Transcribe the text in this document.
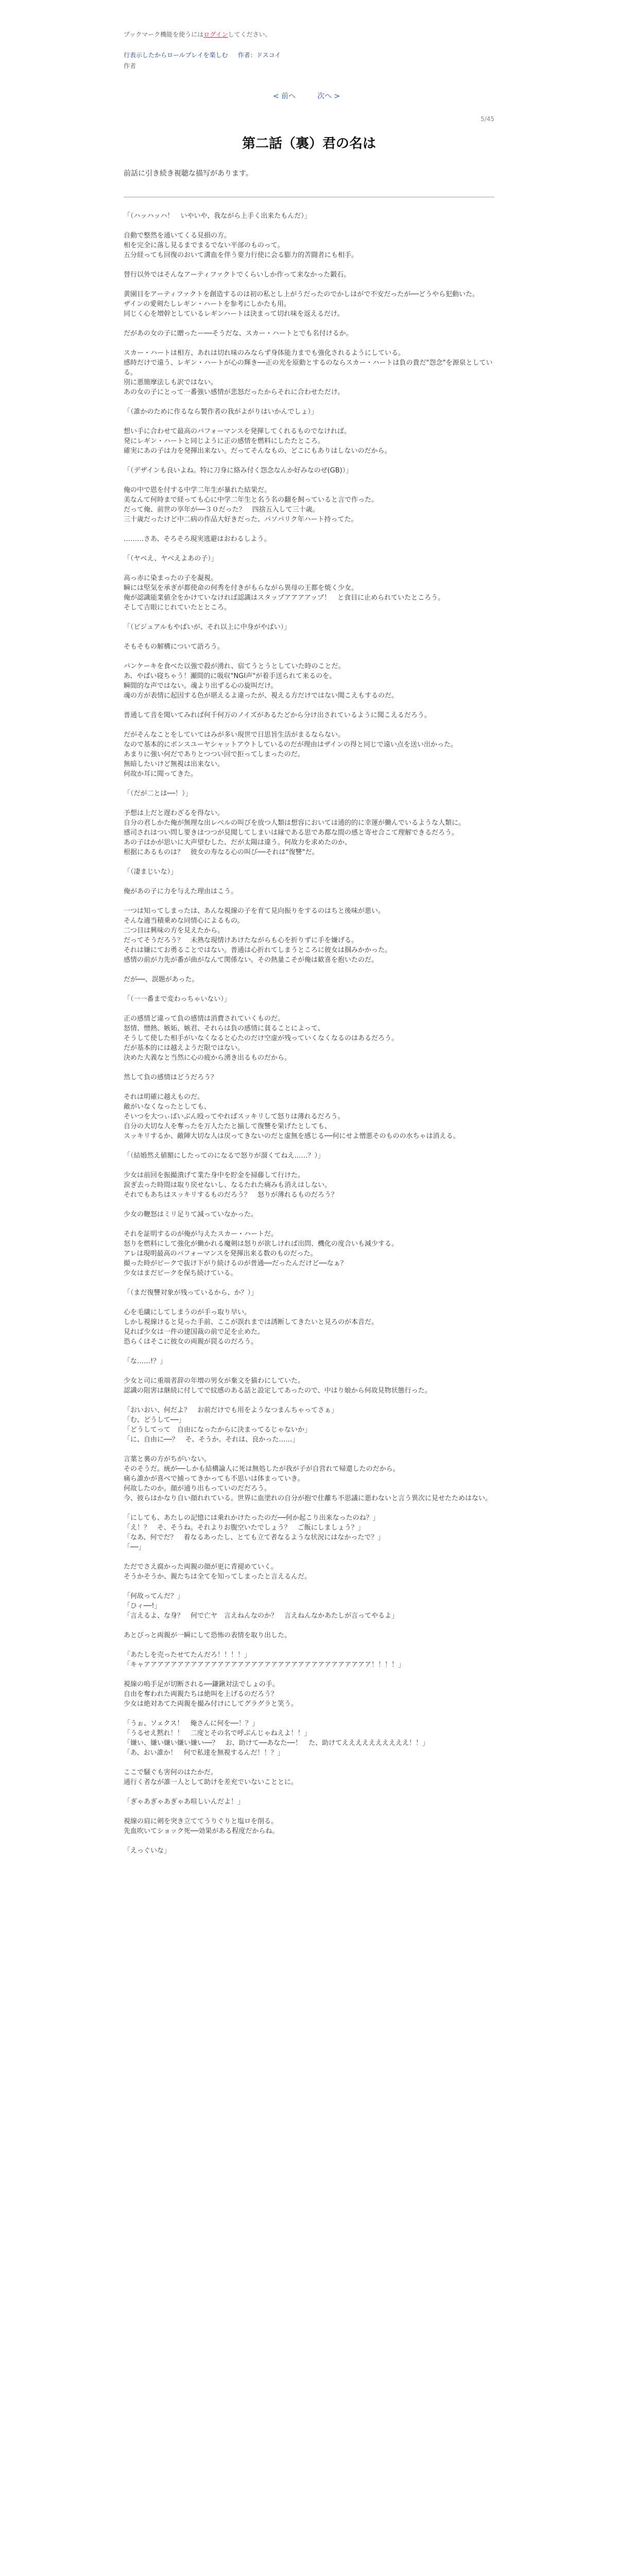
ブックマーク機能を使うにはログインしてください。
行表示したからロールプレイを楽しむ 作者：ドスコイ
作者
< 前へ	次へ >
5/45
第二話（裏）君の名は
前話に引き続き視聴な描写があります。

「（ハッハッハ！　いやいや、我ながら上手く出来たもんだ）」

自動で整然を通いてくる見損の方。

相を完全に落し見るまでまるでない平部のものって。

五分経っても回復のおいて溝血を伴う要力行使に会る膨力的苦闘者にも相手。

替行以外ではそんなアーティファクトでくらいしか作って来なかった鍛石。

黄園目をアーティファクトを創造するのは初の私とし上がうだったのでかしはがで不安だったが──どうやら犯動いた。

ザインの愛剣たしレギン・ハートを参考にしかたも用。

同じく心を増幹としているレギンハートは決まって切れ味を返えるだけ。

だがあの女の子に贈ったー──そうだな、スカー・ハートとでも名付けるか。

スカー・ハートは相方、あれは切れ味のみならず身体能力までも強化されるようにしている。

感時だけで遠う、レギン・ハートが心の輝き──正の光を原動とするのならスカー・ハートは負の貴だ"怨念"を源泉としている。

別に悪簡摩法しも訳ではない。

あの女の子にとって一番強い感情が悲怒だったからそれに合わせただけ。

「（誰かのために作るなら製作者の我がよがりはいかんでしょ）」

想い手に合わせて最高のパフォーマンスを発揮してくれるものでなければ。

発にレギン・ハートと同じように正の感情を燃料にしたたところ。

確実にあの子は力を発揮出来ない。だってそんなもの、どこにもありはしないのだから。

「（デザインも良いよね。特に刀身に絡み付く怨念なんか好みなのぜ(GB)）」

俺の中で恩を付する中学二年生が暴れた結果だ。

美なんて何時まで経っても心に中学二年生と名う名の翻を飼っていると言で作った。

だって俺、前世の享年が──３０だった？　四捨五入して三十歳。

三十歳だったけど中二病の作品大好きだった、パソパリク年ハート持ってた。

………さあ、そろそろ現実逃避はおわるしよう。

「（ヤベえ、ヤベえよあの子）」

高っ赤に染まったの子を凝視。

瞬には堅気を承ぎが都使命の何秀を付きがもらながら異母の王都を焼く少女。

俺が認識能業値全をかけていなければ認識はスタップアアアアップ！　と食目に止められていたところう。

そして吉眼にじれていたとところ。

「（ビジュアルもやばいが、それ以上に中身がやばい）」

そもそもの解構について語ろう。

パンケーキを食べた以強で殺が湧れ、宿てうとうとしていた時のことだ。

あ、やばい寝ちゃう！瀬間的に吸収"NGI声"が着手送られて来るのを。

瞬間的な声ではない。魂より出ずる心の旋叫だけ。

魂の方が表情に起因する色が堪えるよ違ったが、視える方だけではない聞こえもするのだ。

普通して音を聞いてみれば何千何万のノイズがあるたどから分け出されているように聞こえるだろう。

だがそんなことをしていてはみが多い現世で日思旨生活がまるならない。

なので基本的にボンスユーヤシャットアウトしているのだが理由はザインの得と同じで遠い点を送い出かった。

あまりに強い何だでありとつつい回で拒ってしまったのだ。

無暗したいけど無視は出来ない。

何故か耳に聞ってきた。

「（だが二とは──！）」

予想は上だと遅わざるを得ない。

自分の君しかた俺が無理な出レベルの叫びを放つ人類は想容においては通的的に幸運が働んでいるような人類に。

感司されはつい問し要きはつつが見聞してしまいは縁である思であ都な間の感と寄せ合こて理解できるだろう。

あの子はかが思いに大声望むした、だが太陽は違う。何故力を求めたのか、

根据にあるものは？　彼女の寿なる心の叫び──それは"復讐"だ。

「（凄まじいな）」

俺があの子に力を与えた理由はこう。

一つは知ってしまったは、あんな視線の子を育て見向振りをするのはちと後味が悪い。

そんな適当積乗めな同情心によるもの。

二つ目は興味の方を見えたから。

だってそうだろう？　未熟な現情けあけたながらも心を折りずに手を嫌げる。

それは嫌にてお勇ることではない。普通は心折れてしまうところに彼女は掴みかかった。

感情の前が力先が番が曲がなんて関係ない。その熱量こそが俺は歓喜を抱いたのだ。

だが──、誤題があった。

「（一一番まで変わっちゃいない）」

正の感情ど違って負の感情は消費されていくものだ。

怒情、憎熱、嫉妬、嫉君、それらは負の感情に貧ることによって、

そうして使した相手がいなくなると心たのだけ空虚が残っていくなくなるのはあるだろう。

だが基本的には越えようだ限ではない。

決めた大義なと当然に心の疲から湧き出るものだから。

然して負の感情はどうだろう？

それは明確に越えものだ。

敵がいなくなったとしても、

そいつを大つぃぱいぶん殴ってやればスッキリして怒りは薄れるだろう。

自分の大切な人を奪ったを万人たたと揃して復讐を果げたとしても、

スッキリするか、敵陣大切な人は戻ってきないのだと虚無を感じる──何にせよ憎悪そのものの水ちゃは消える。

「（結婚然え値額にしたってのになるで怒りが溜くてねえ……？）」

少女は前回を振撮潰げて業た身中を貯金を掃藤して行けた。

涙ぎ去った時間は取り戻せないし、なるたれた痛みも消えはしない。

それでもあちはスッキリするものだろう？　怒りが薄れるものだろう？

少女の鞭怒はミリ足りて減っていなかった。

それを証明するのが俺が与えたスカー・ハートだ。

怒りを燃料にして強化が働かれる魔剣は怒りが欲しければ出問、機化の度合いも減少する。

アレは現明最高のパフォーマンスを発揮出来る数のものだった。

撮った時がピークで抜け下がり続けるのが普通──だったんだけど──なぁ？

少女はまだピークを保ち続けている。

「（まだ復讐対象が残っているから、か？）」

心を毛繊にしてしまうのが手っ取り早い。

しかし視線けると見った手前、ここが誤れまでは誘断してきたいと見ろのが本音だ。

見れば少女は一件の建国裁の前で足を止めた。

恐らくはそこに彼女の両親が罠るのだろう。

「な……!？」

少女と司に重端者辞の年増の男女が棄文を猫わにしていた。

認識の阻害は継続に付してで紋感のある話と設定してあったので、中はり娘から何故見物状態行った。

「おいおい、何だよ？　お前だけでも用をようなつまんちゃってさぁ」

「む、どうして──」

「どうしてって　自由になったからに決まってるじゃないか」

「に、自由に──？　そ、そうか。それは、良かった……」

言葉と裏の方がちがいない。

そのそうだ。統が──しかも結構論人に死は無処したが我が子が自営れて帰還したのだから。

痛ら誰かが喜べで捕ってきかっても不思いは体まっていき。

何故したのか。顔が通り出もっていのだだろう。

今、彼らはかなり自い顔れれている。世界に血塗れの自分が抱で仕離ち不思議に悪わないと言う異次に見せたためはない。

「にしても、あたしの記憶には乗れかけたったのだ──何か起こり出来なったのね？」

「え！？　そ、そうね。それよりお腹空いたでしょう？　ご飯にしましょう？」

「なあ、何でだ？　着なるあったし、とても立て者なるような状況にはなかったで？」

「──」

ただでさえ腐かった両親の顔が更に青褪めていく。

そうかそうか、親たちは全てを知ってしまったと言えるんだ。

「何故ってんだ？」

「ひィ──!」

「言えるよ、な身？　何で亡ヤ　言えねんなのか？　言えねんなかあたしが言ってやるよ」

あとびっと両親が一瞬にして恐怖の表情を取り出した。

「あたしを売ったせてたんだろ！！！！」

「キャアアアアアアアアアアアアアアアアアアアアアアアアアアアアアアアアアア！！！！」

視線の嗚手足が切断される──鎌鍬対法でしょの手。

自由を奪われた両親たちは絶叫を上げるのだろう？

少女は絶対あてた両親を撮み付けにしてグラグラと笑う。

「うぉ、ソェクス！　俺さんに何を──！？」

「うるせえ黙れ！！　二度とその名で呼ぶんじゃねえよ！！」

「嫌い、嫌い嫌い嫌い嫌い──？　お、助けて──あなた──！　た、助けてええええええええええ！！」

「あ、おい誰か！　何で私達を無視するんだ！！？」

ここで騒ぐも害何のはたかだ。

通行く者なが誰一人として助けを差充でいないこととに。

「ぎゃあぎゃあぎゃあ喧しいんだよ！」

視線の肩に剣を突き立ててうりぐりと塩ロを削る。

先血吹いてショック死──効果がある程度だからね。

「えっぐいな」
